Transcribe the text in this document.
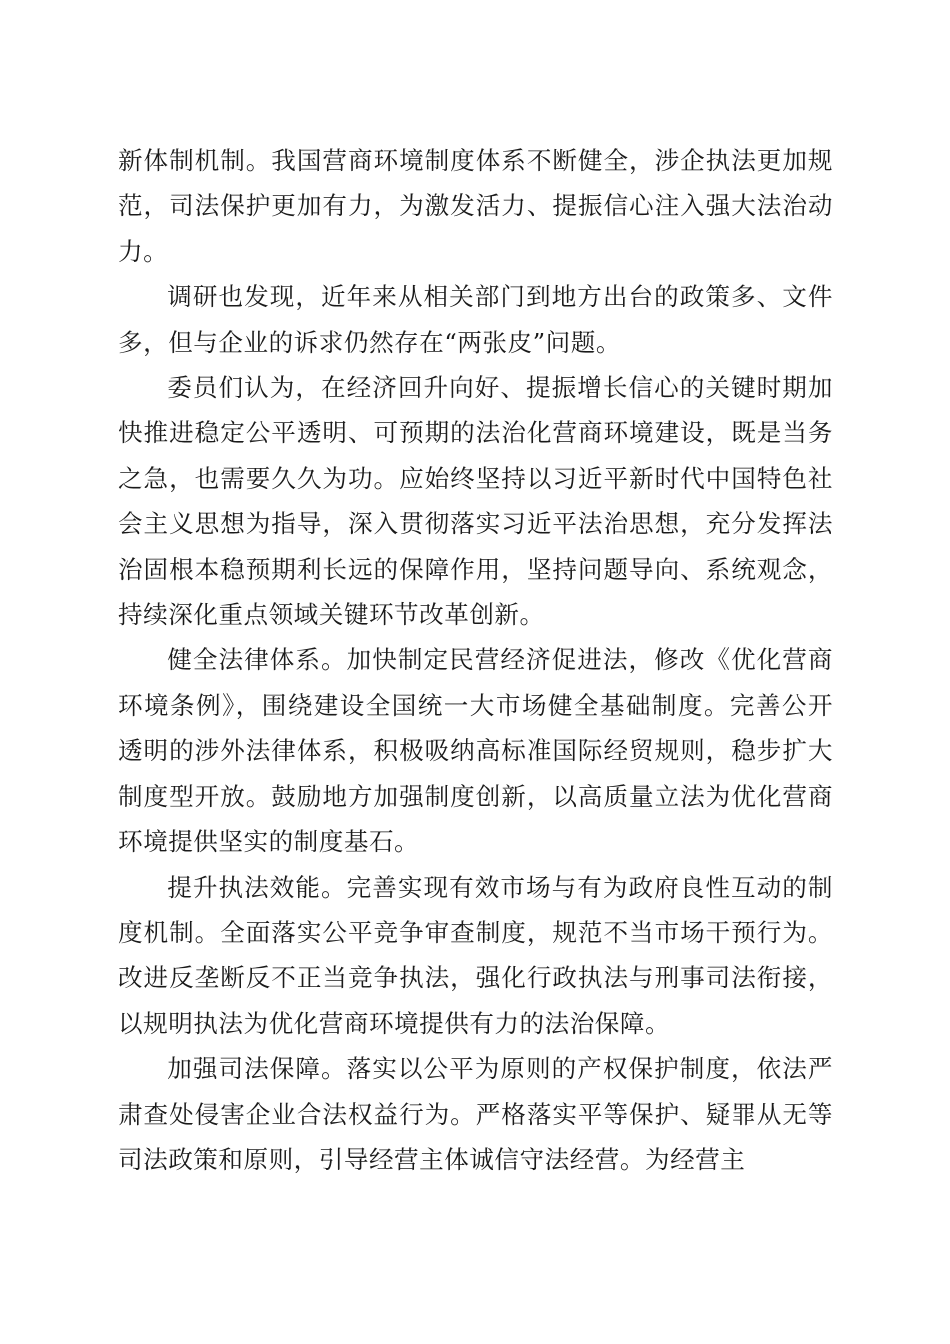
新体制机制。我国营商环境制度体系不断健全，涉企执法更加规范，司法保护更加有力，为激发活力、提振信心注入强大法治动力。

调研也发现，近年来从相关部门到地方出台的政策多、文件多，但与企业的诉求仍然存在“两张皮”问题。

委员们认为，在经济回升向好、提振增长信心的关键时期加快推进稳定公平透明、可预期的法治化营商环境建设，既是当务之急，也需要久久为功。应始终坚持以习近平新时代中国特色社会主义思想为指导，深入贯彻落实习近平法治思想，充分发挥法治固根本稳预期利长远的保障作用，坚持问题导向、系统观念，持续深化重点领域关键环节改革创新。

健全法律体系。加快制定民营经济促进法，修改《优化营商环境条例》，围绕建设全国统一大市场健全基础制度。完善公开透明的涉外法律体系，积极吸纳高标准国际经贸规则，稳步扩大制度型开放。鼓励地方加强制度创新，以高质量立法为优化营商环境提供坚实的制度基石。

提升执法效能。完善实现有效市场与有为政府良性互动的制度机制。全面落实公平竞争审查制度，规范不当市场干预行为。改进反垄断反不正当竞争执法，强化行政执法与刑事司法衔接，以规明执法为优化营商环境提供有力的法治保障。

加强司法保障。落实以公平为原则的产权保护制度，依法严肃查处侵害企业合法权益行为。严格落实平等保护、疑罪从无等司法政策和原则，引导经营主体诚信守法经营。为经营主
